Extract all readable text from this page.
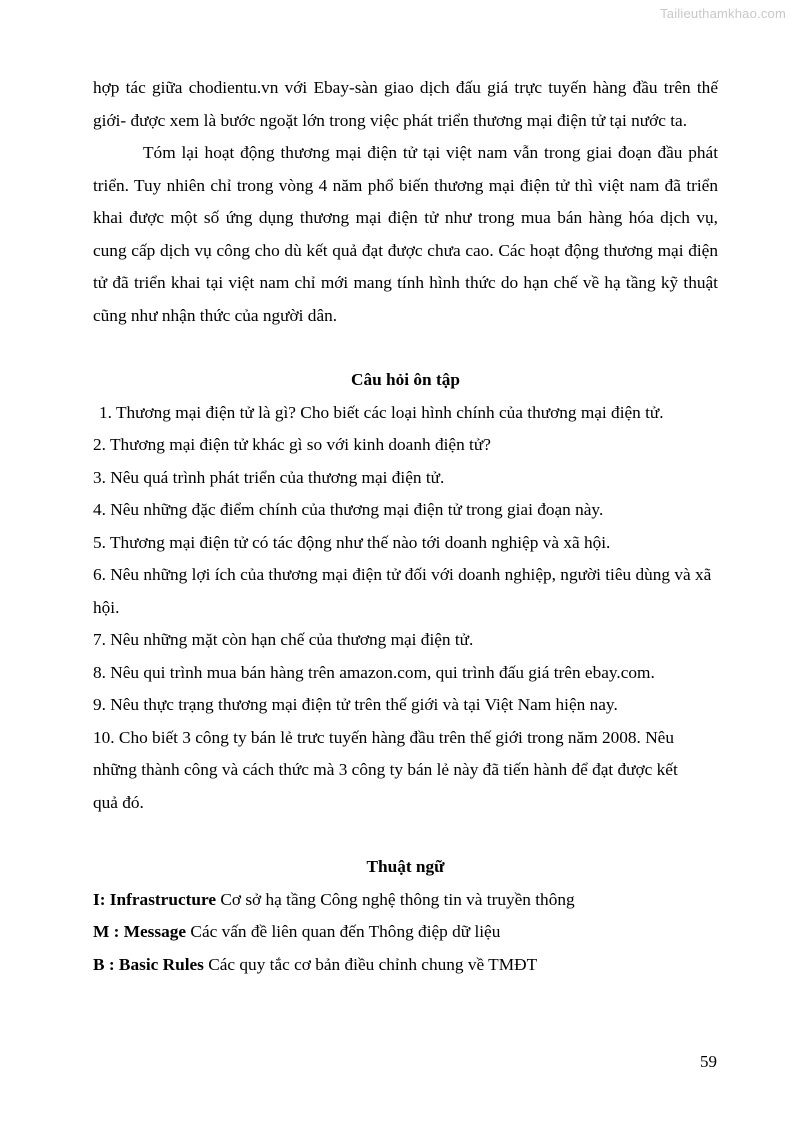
Tailieuthamkhao.com

hợp tác giữa chodientu.vn với Ebay-sàn giao dịch đấu giá trực tuyến hàng đầu trên thế giới- được xem là bước ngoặt lớn trong việc phát triển thương mại điện tử tại nước ta.

Tóm lại hoạt động thương mại điện tử tại việt nam vẫn trong giai đoạn đầu phát triển. Tuy nhiên chỉ trong vòng 4 năm phổ biến thương mại điện tử thì việt nam đã triển khai được một số ứng dụng thương mại điện tử như trong mua bán hàng hóa dịch vụ, cung cấp dịch vụ công cho dù kết quả đạt được chưa cao. Các hoạt động thương mại điện tử đã triển khai tại việt nam chỉ mới mang tính hình thức do hạn chế về hạ tầng kỹ thuật cũng như nhận thức của người dân.

Câu hỏi ôn tập
1. Thương mại điện tử là gì? Cho biết các loại hình chính của thương mại điện tử.
2. Thương mại điện tử khác gì so với kinh doanh điện tử?
3. Nêu quá trình phát triển của thương mại điện tử.
4. Nêu những đặc điểm chính của thương mại điện tử trong giai đoạn này.
5. Thương mại điện tử có tác động như thế nào tới doanh nghiệp và xã hội.
6. Nêu những lợi ích của thương mại điện tử đối với doanh nghiệp, người tiêu dùng và xã hội.
7. Nêu những mặt còn hạn chế của thương mại điện tử.
8. Nêu qui trình mua bán hàng trên amazon.com, qui trình đấu giá trên ebay.com.
9. Nêu thực trạng thương mại điện tử trên thế giới và tại Việt Nam hiện nay.
10. Cho biết 3 công ty bán lẻ trưc tuyến hàng đầu trên thế giới trong năm 2008. Nêu những thành công và cách thức mà 3 công ty bán lẻ này đã tiến hành để đạt được kết quả đó.
Thuật ngữ

I: Infrastructure Cơ sở hạ tầng Công nghệ thông tin và truyền thông

M : Message Các vấn đề liên quan đến Thông điệp dữ liệu

B : Basic Rules Các quy tắc cơ bản điều chỉnh chung về TMĐT

59
